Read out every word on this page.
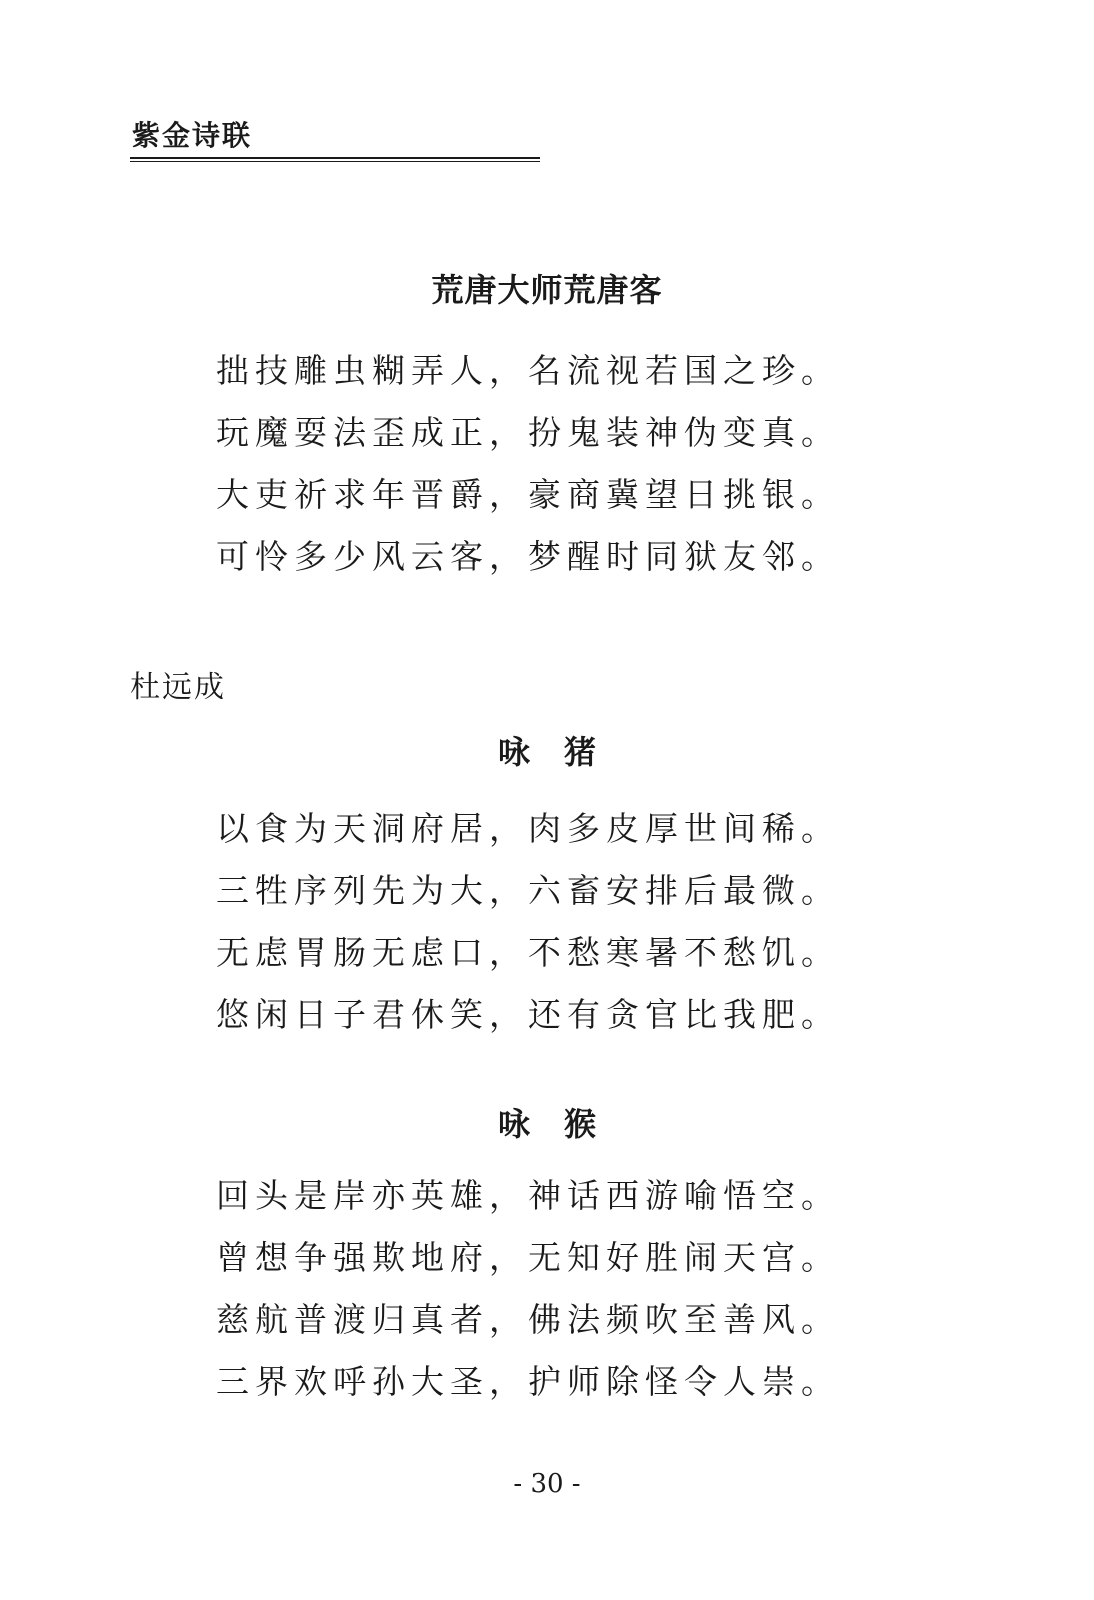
紫金诗联
荒唐大师荒唐客
拙技雕虫糊弄人，名流视若国之珍。
玩魔耍法歪成正，扮鬼装神伪变真。
大吏祈求年晋爵，豪商冀望日挑银。
可怜多少风云客，梦醒时同狱友邻。
杜远成
咏猪
以食为天洞府居，肉多皮厚世间稀。
三牲序列先为大，六畜安排后最微。
无虑胃肠无虑口，不愁寒暑不愁饥。
悠闲日子君休笑，还有贪官比我肥。
咏猴
回头是岸亦英雄，神话西游喻悟空。
曾想争强欺地府，无知好胜闹天宫。
慈航普渡归真者，佛法频吹至善风。
三界欢呼孙大圣，护师除怪令人崇。
- 30 -
